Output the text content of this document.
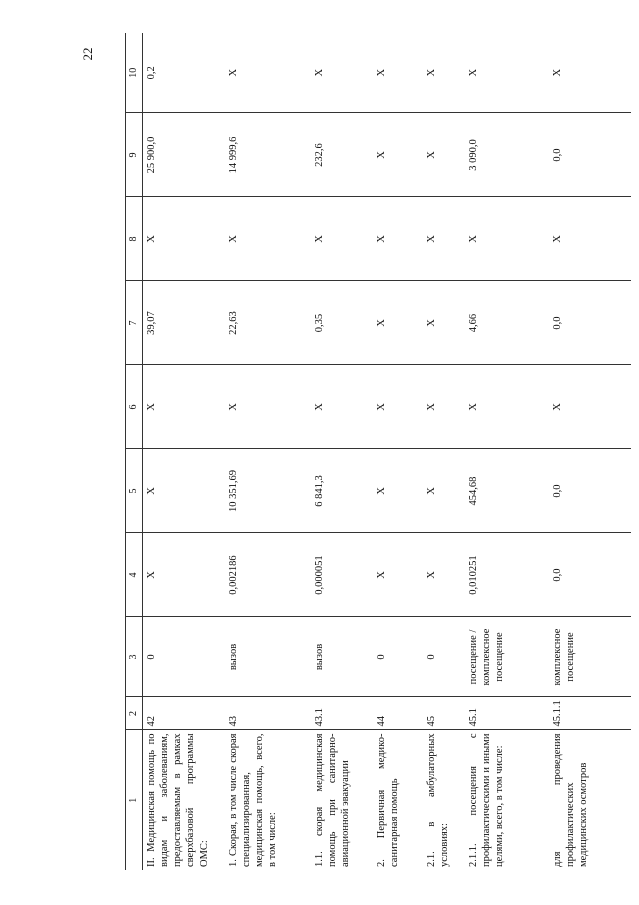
22
1	2	3	4	5	6	7	8	9	10
II. Медицинская помощь по видам и заболеваниям, предоставляемым в рамках сверхбазовой программы ОМС:	42	0	X	X	X	39,07	X	25 900,0	0,2
1. Скорая, в том числе скорая специализированная, медицинская помощь, всего, в том числе:	43	вызов	0,002186	10 351,69	X	22,63	X	14 999,6	X
1.1. скорая медицинская помощь при санитарно-авиационной эвакуации	43.1	вызов	0,000051	6 841,3	X	0,35	X	232,6	X
2. Первичная медико-санитарная помощь	44	0	X	X	X	X	X	X	X
2.1. в амбулаторных условиях:	45	0	X	X	X	X	X	X	X
2.1.1. посещения с профилактическими и иными целями, всего, в том числе:	45.1	посещение / комплексное посещение	0,010251	454,68	X	4,66	X	3 090,0	X
для проведения профилактических медицинских осмотров	45.1.1	комплексное посещение	0,0	0,0	X	0,0	X	0,0	X
